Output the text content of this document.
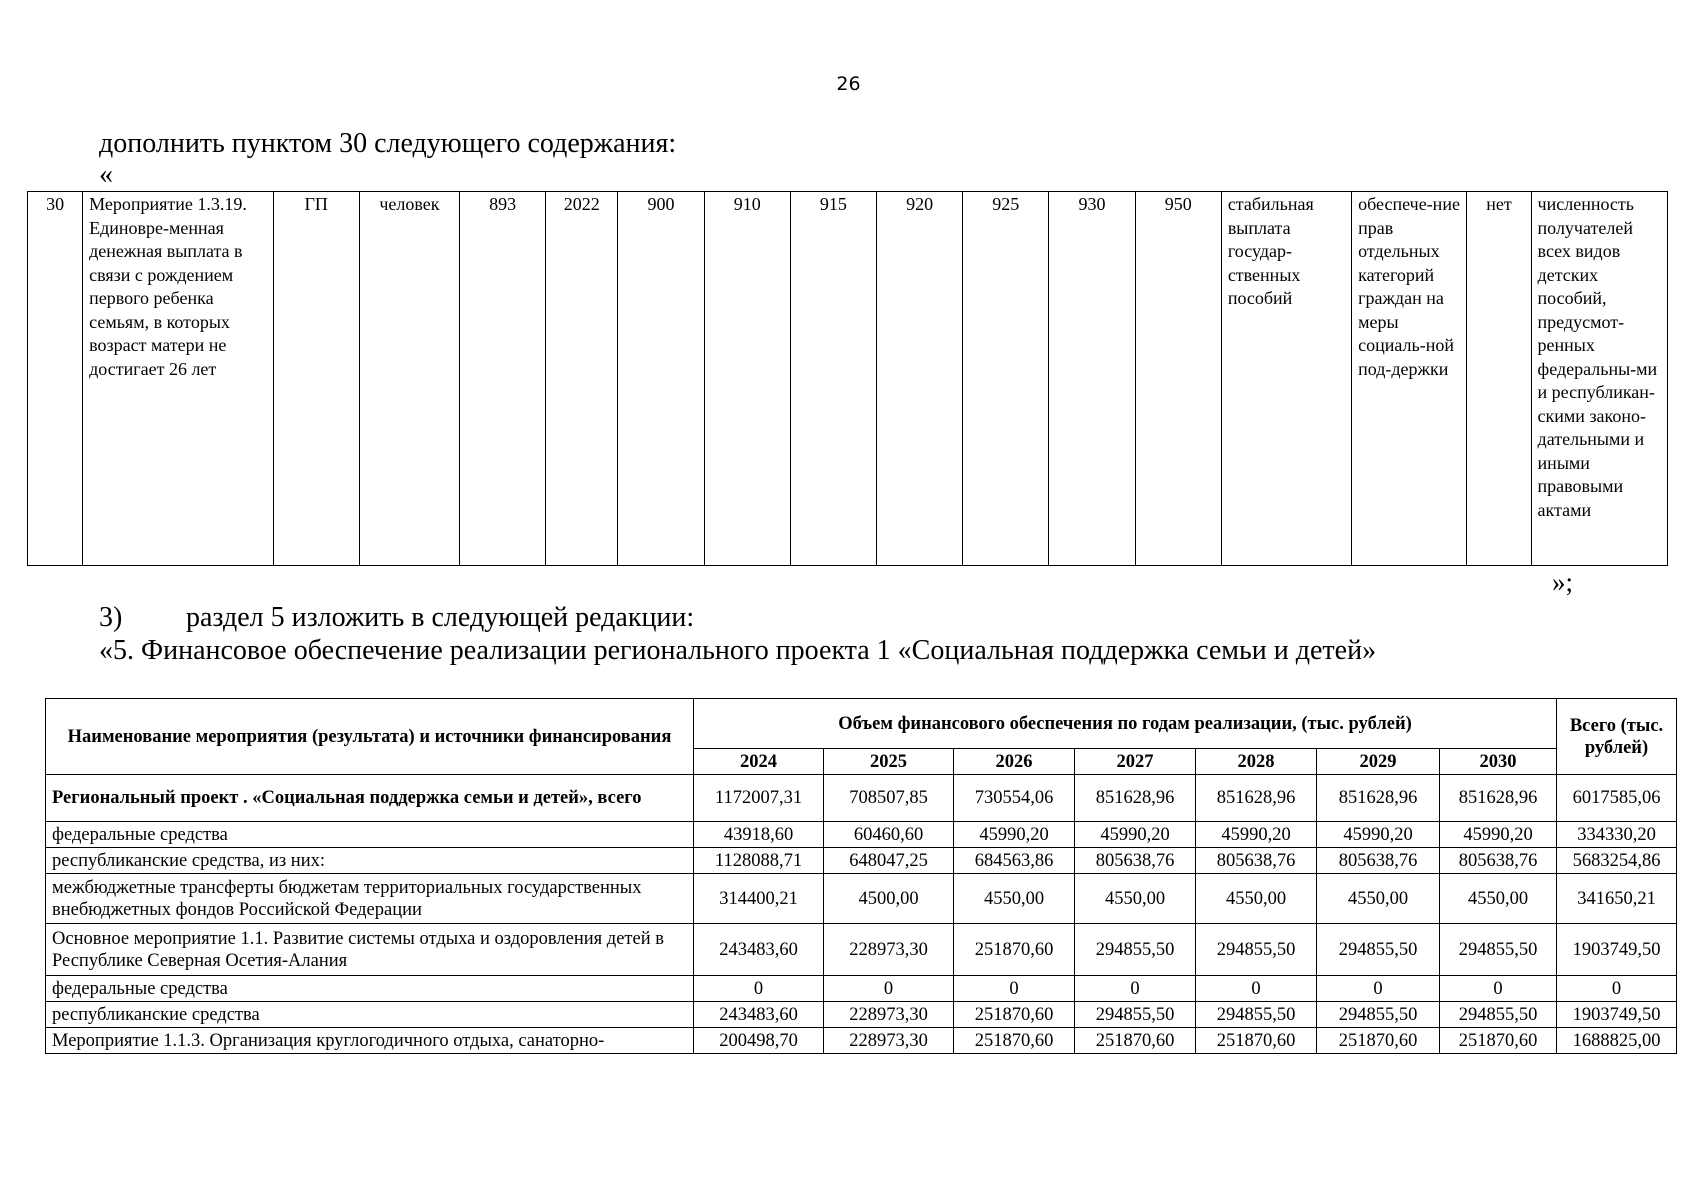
26
дополнить пунктом 30 следующего содержания:
«
30	Мероприятие 1.3.19. Единовре-менная денежная выплата в связи с рождением первого ребенка семьям, в которых возраст матери не достигает 26 лет	ГП	человек	893	2022	900	910	915	920	925	930	950	стабильная выплата государ-ственных пособий	обеспече-ние прав отдельных категорий граждан на меры социаль-ной под-держки	нет	численность получателей всех видов детских пособий, предусмот-ренных федеральны-ми и республикан-скими законо-дательными и иными правовыми актами
»;
3) раздел 5 изложить в следующей редакции:
«5. Финансовое обеспечение реализации регионального проекта 1 «Социальная поддержка семьи и детей»
Наименование мероприятия (результата) и источники финансирования	Объем финансового обеспечения по годам реализации, (тыс. рублей)							Всего (тыс. рублей)
	2024	2025	2026	2027	2028	2029	2030	
Региональный проект . «Социальная поддержка семьи и детей», всего	1172007,31	708507,85	730554,06	851628,96	851628,96	851628,96	851628,96	6017585,06
федеральные средства	43918,60	60460,60	45990,20	45990,20	45990,20	45990,20	45990,20	334330,20
республиканские средства, из них:	1128088,71	648047,25	684563,86	805638,76	805638,76	805638,76	805638,76	5683254,86
межбюджетные трансферты бюджетам территориальных государственных внебюджетных фондов Российской Федерации	314400,21	4500,00	4550,00	4550,00	4550,00	4550,00	4550,00	341650,21
Основное мероприятие 1.1. Развитие системы отдыха и оздоровления детей в Республике Северная Осетия-Алания	243483,60	228973,30	251870,60	294855,50	294855,50	294855,50	294855,50	1903749,50
федеральные средства	0	0	0	0	0	0	0	0
республиканские средства	243483,60	228973,30	251870,60	294855,50	294855,50	294855,50	294855,50	1903749,50
Мероприятие 1.1.3. Организация круглогодичного отдыха, санаторно-	200498,70	228973,30	251870,60	251870,60	251870,60	251870,60	251870,60	1688825,00
